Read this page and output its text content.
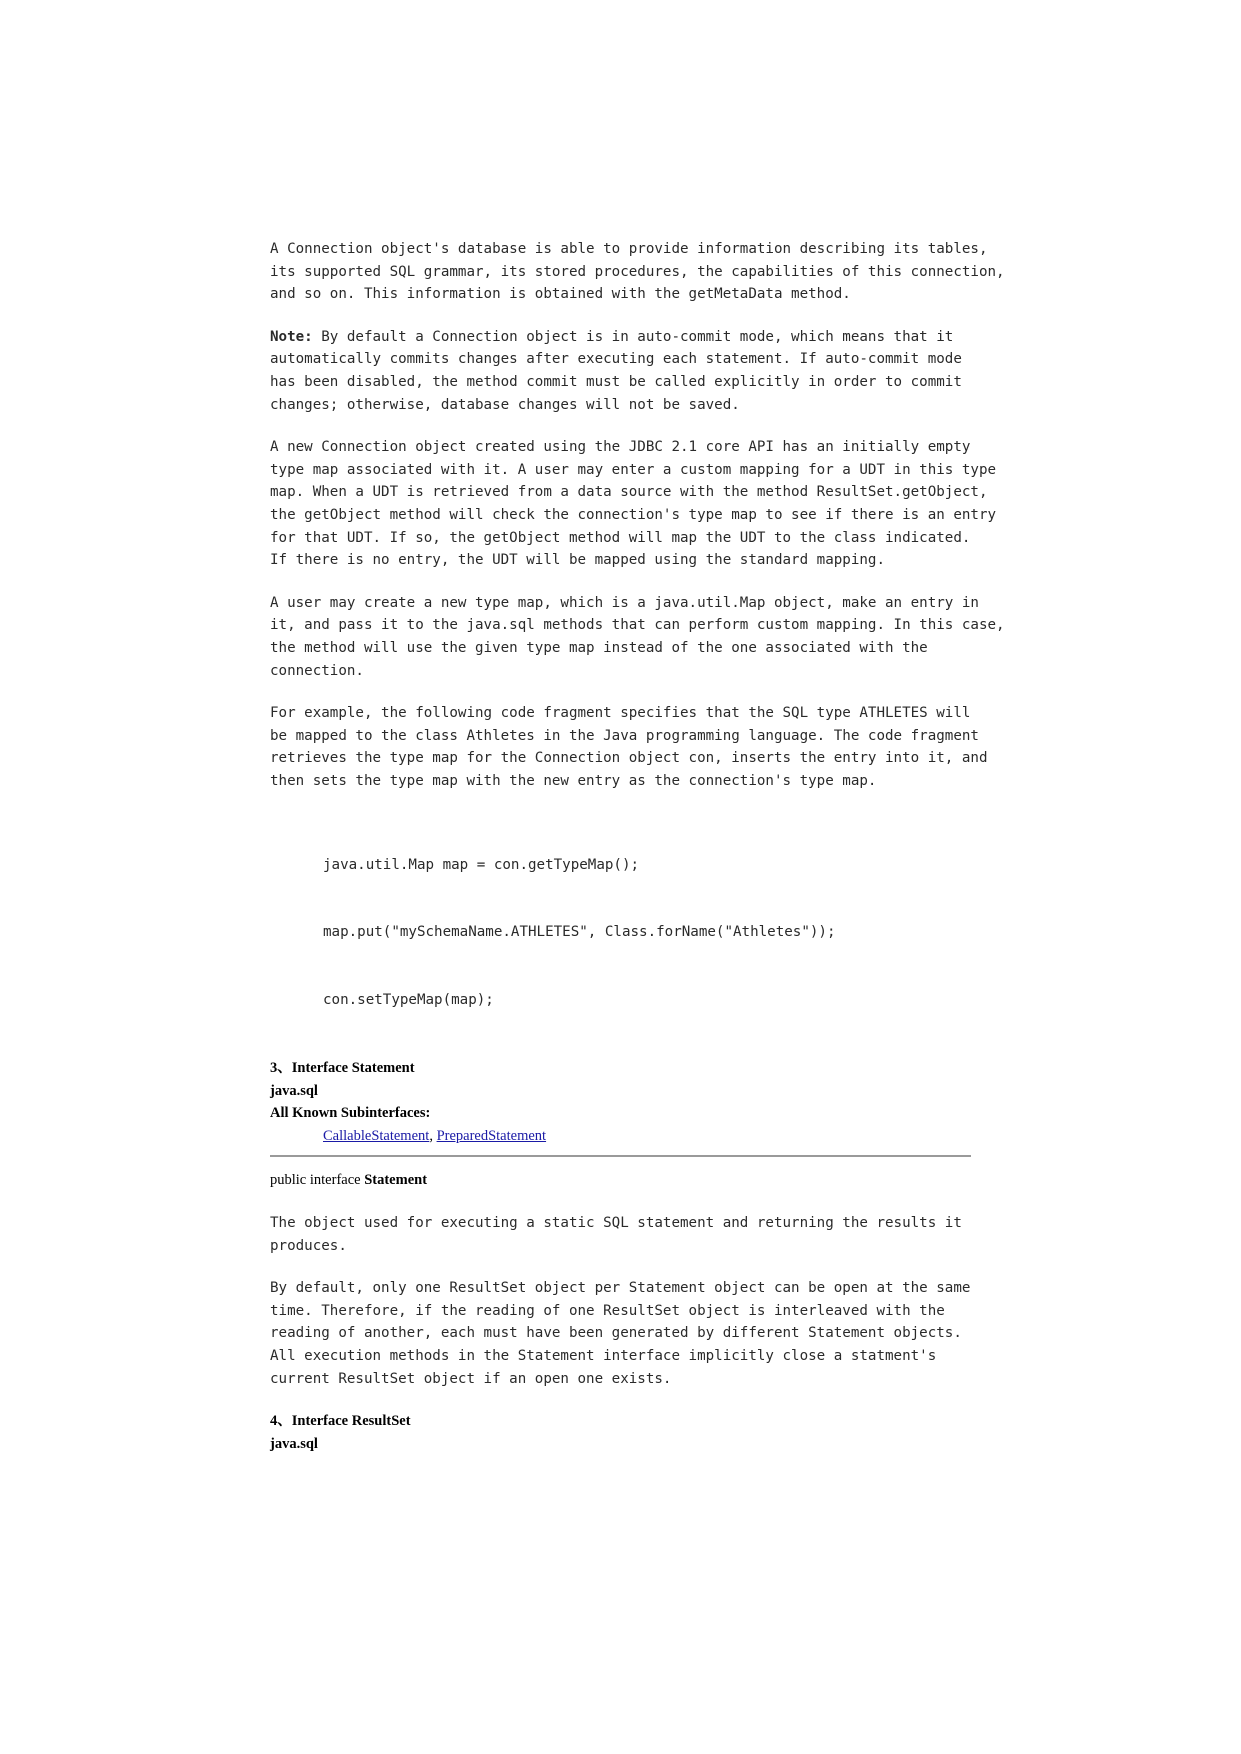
A Connection object's database is able to provide information describing its tables,
its supported SQL grammar, its stored procedures, the capabilities of this connection,
and so on. This information is obtained with the getMetaData method.
Note: By default a Connection object is in auto-commit mode, which means that it
automatically commits changes after executing each statement. If auto-commit mode
has been disabled, the method commit must be called explicitly in order to commit
changes; otherwise, database changes will not be saved.
A new Connection object created using the JDBC 2.1 core API has an initially empty
type map associated with it. A user may enter a custom mapping for a UDT in this type
map. When a UDT is retrieved from a data source with the method ResultSet.getObject,
the getObject method will check the connection's type map to see if there is an entry
for that UDT. If so, the getObject method will map the UDT to the class indicated.
If there is no entry, the UDT will be mapped using the standard mapping.
A user may create a new type map, which is a java.util.Map object, make an entry in
it, and pass it to the java.sql methods that can perform custom mapping. In this case,
the method will use the given type map instead of the one associated with the
connection.
For example, the following code fragment specifies that the SQL type ATHLETES will
be mapped to the class Athletes in the Java programming language. The code fragment
retrieves the type map for the Connection object con, inserts the entry into it, and
then sets the type map with the new entry as the connection's type map.

java.util.Map map = con.getTypeMap();

map.put("mySchemaName.ATHLETES", Class.forName("Athletes"));

con.setTypeMap(map);

3、Interface Statement
java.sql
All Known Subinterfaces:
CallableStatement, PreparedStatement
public interface Statement
The object used for executing a static SQL statement and returning the results it
produces.
By default, only one ResultSet object per Statement object can be open at the same
time. Therefore, if the reading of one ResultSet object is interleaved with the
reading of another, each must have been generated by different Statement objects.
All execution methods in the Statement interface implicitly close a statment's
current ResultSet object if an open one exists.
4、Interface ResultSet
java.sql
